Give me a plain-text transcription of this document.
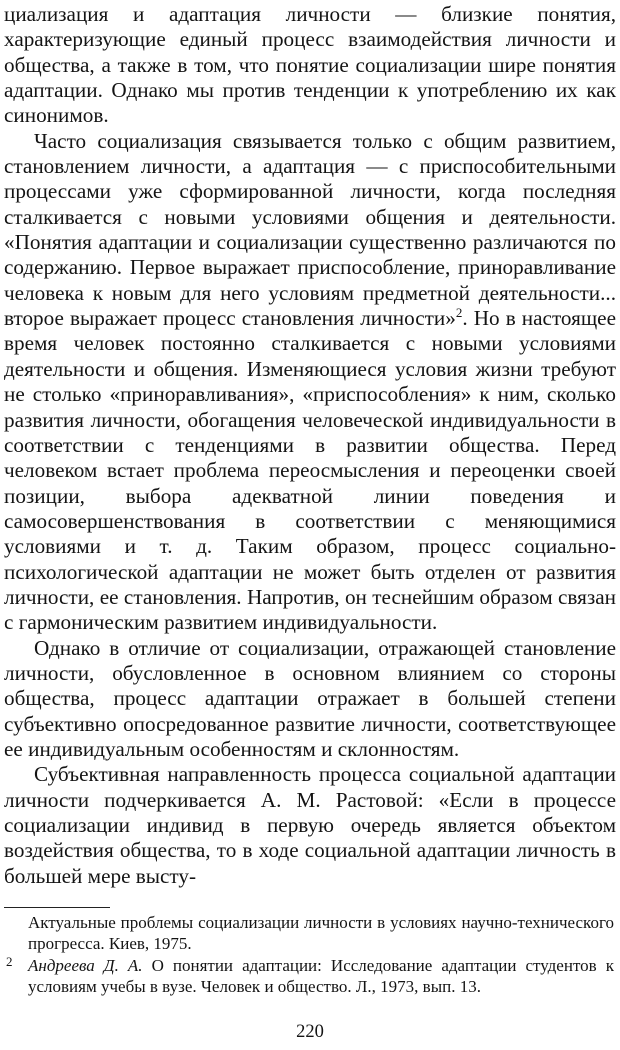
циализация и адаптация личности — близкие понятия, характеризующие единый процесс взаимодействия личности и общества, а также в том, что понятие социализации шире понятия адаптации. Однако мы против тенденции к употреблению их как синонимов.

Часто социализация связывается только с общим развитием, становлением личности, а адаптация — с приспособительными процессами уже сформированной личности, когда последняя сталкивается с новыми условиями общения и деятельности. «Понятия адаптации и социализации существенно различаются по содержанию. Первое выражает приспособление, приноравливание человека к новым для него условиям предметной деятельности... второе выражает процесс становления личности»$^2$. Но в настоящее время человек постоянно сталкивается с новыми условиями деятельности и общения. Изменяющиеся условия жизни требуют не столько «приноравливания», «приспособления» к ним, сколько развития личности, обогащения человеческой индивидуальности в соответствии с тенденциями в развитии общества. Перед человеком встает проблема переосмысления и переоценки своей позиции, выбора адекватной линии поведения и самосовершенствования в соответствии с меняющимися условиями и т. д. Таким образом, процесс социально-психологической адаптации не может быть отделен от развития личности, ее становления. Напротив, он теснейшим образом связан с гармоническим развитием индивидуальности.

Однако в отличие от социализации, отражающей становление личности, обусловленное в основном влиянием со стороны общества, процесс адаптации отражает в большей степени субъективно опосредованное развитие личности, соответствующее ее индивидуальным особенностям и склонностям.

Субъективная направленность процесса социальной адаптации личности подчеркивается А. М. Растовой: «Если в процессе социализации индивид в первую очередь является объектом воздействия общества, то в ходе социальной адаптации личность в большей мере высту-

Актуальные проблемы социализации личности в условиях научно-технического прогресса. Киев, 1975.

2 Андреева Д. А. О понятии адаптации: Исследование адаптации студентов к условиям учебы в вузе. Человек и общество. Л., 1973, вып. 13.

220
